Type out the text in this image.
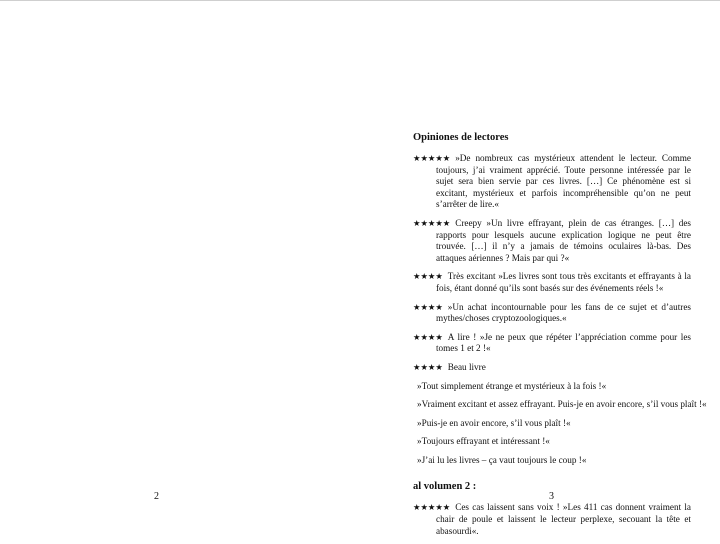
2
Opiniones de lectores
★★★★★ »De nombreux cas mystérieux attendent le lecteur. Comme toujours, j’ai vraiment apprécié. Toute personne intéressée par le sujet sera bien servie par ces livres. […] Ce phénomène est si excitant, mystérieux et parfois incompréhensible qu’on ne peut s’arrêter de lire.«
★★★★★ Creepy »Un livre effrayant, plein de cas étranges. […] des rapports pour lesquels aucune explication logique ne peut être trouvée. […] il n’y a jamais de témoins oculaires là-bas. Des attaques aériennes ? Mais par qui ?«
★★★★ Très excitant »Les livres sont tous très excitants et effrayants à la fois, étant donné qu’ils sont basés sur des événements réels !«
★★★★ »Un achat incontournable pour les fans de ce sujet et d’autres mythes/choses cryptozoologiques.«
★★★★ A lire ! »Je ne peux que répéter l’appréciation comme pour les tomes 1 et 2 !«
★★★★ Beau livre
»Tout simplement étrange et mystérieux à la fois !«
»Vraiment excitant et assez effrayant. Puis-je en avoir encore, s’il vous plaît !«
»Puis-je en avoir encore, s’il vous plaît !«
»Toujours effrayant et intéressant !«
»J’ai lu les livres – ça vaut toujours le coup !«
al volumen 2 :
★★★★★ Ces cas laissent sans voix ! »Les 411 cas donnent vraiment la chair de poule et laissent le lecteur perplexe, secouant la tête et abasourdi«.
3
